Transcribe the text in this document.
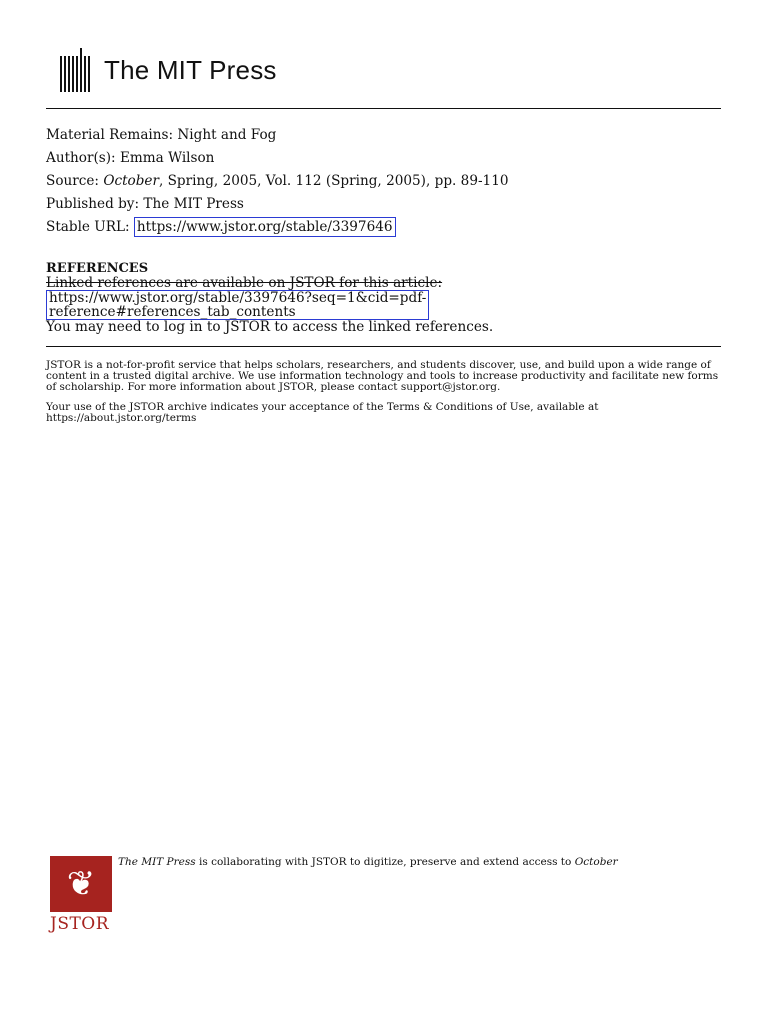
The MIT Press
Material Remains: Night and Fog
Author(s): Emma Wilson
Source: October, Spring, 2005, Vol. 112 (Spring, 2005), pp. 89-110
Published by: The MIT Press
Stable URL: https://www.jstor.org/stable/3397646
REFERENCES
Linked references are available on JSTOR for this article:
https://www.jstor.org/stable/3397646?seq=1&cid=pdf-
reference#references_tab_contents
You may need to log in to JSTOR to access the linked references.

JSTOR is a not-for-profit service that helps scholars, researchers, and students discover, use, and build upon a wide range of content in a trusted digital archive. We use information technology and tools to increase productivity and facilitate new forms of scholarship. For more information about JSTOR, please contact support@jstor.org.

Your use of the JSTOR archive indicates your acceptance of the Terms & Conditions of Use, available at https://about.jstor.org/terms

❦
JSTOR
The MIT Press is collaborating with JSTOR to digitize, preserve and extend access to October
